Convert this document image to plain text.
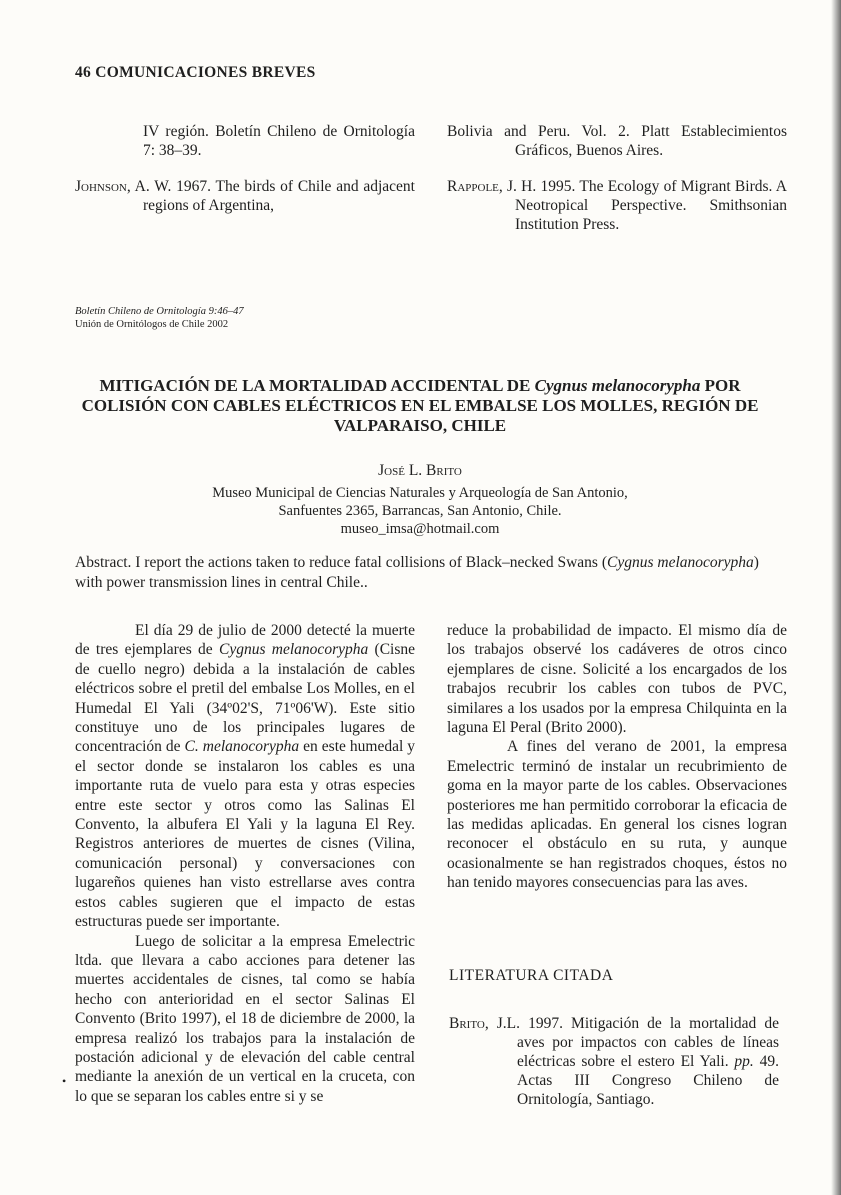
46 COMUNICACIONES BREVES
IV región. Boletín Chileno de Ornitología 7: 38–39.
Johnson, A. W. 1967. The birds of Chile and adjacent regions of Argentina,
Bolivia and Peru. Vol. 2. Platt Establecimientos Gráficos, Buenos Aires.
Rappole, J. H. 1995. The Ecology of Migrant Birds. A Neotropical Perspective. Smithsonian Institution Press.
Boletín Chileno de Ornitología 9:46–47
Unión de Ornitólogos de Chile 2002
MITIGACIÓN DE LA MORTALIDAD ACCIDENTAL DE Cygnus melanocorypha POR COLISIÓN CON CABLES ELÉCTRICOS EN EL EMBALSE LOS MOLLES, REGIÓN DE VALPARAISO, CHILE
José L. Brito
Museo Municipal de Ciencias Naturales y Arqueología de San Antonio,
Sanfuentes 2365, Barrancas, San Antonio, Chile.
museo_imsa@hotmail.com
Abstract. I report the actions taken to reduce fatal collisions of Black–necked Swans (Cygnus melanocorypha) with power transmission lines in central Chile..

El día 29 de julio de 2000 detecté la muerte de tres ejemplares de Cygnus melanocorypha (Cisne de cuello negro) debida a la instalación de cables eléctricos sobre el pretil del embalse Los Molles, en el Humedal El Yali (34º02'S, 71º06'W). Este sitio constituye uno de los principales lugares de concentración de C. melanocorypha en este humedal y el sector donde se instalaron los cables es una importante ruta de vuelo para esta y otras especies entre este sector y otros como las Salinas El Convento, la albufera El Yali y la laguna El Rey. Registros anteriores de muertes de cisnes (Vilina, comunicación personal) y conversaciones con lugareños quienes han visto estrellarse aves contra estos cables sugieren que el impacto de estas estructuras puede ser importante.

Luego de solicitar a la empresa Emelectric ltda. que llevara a cabo acciones para detener las muertes accidentales de cisnes, tal como se había hecho con anterioridad en el sector Salinas El Convento (Brito 1997), el 18 de diciembre de 2000, la empresa realizó los trabajos para la instalación de postación adicional y de elevación del cable central mediante la anexión de un vertical en la cruceta, con lo que se separan los cables entre si y se

reduce la probabilidad de impacto. El mismo día de los trabajos observé los cadáveres de otros cinco ejemplares de cisne. Solicité a los encargados de los trabajos recubrir los cables con tubos de PVC, similares a los usados por la empresa Chilquinta en la laguna El Peral (Brito 2000).

A fines del verano de 2001, la empresa Emelectric terminó de instalar un recubrimiento de goma en la mayor parte de los cables. Observaciones posteriores me han permitido corroborar la eficacia de las medidas aplicadas. En general los cisnes logran reconocer el obstáculo en su ruta, y aunque ocasionalmente se han registrados choques, éstos no han tenido mayores consecuencias para las aves.

LITERATURA CITADA
Brito, J.L. 1997. Mitigación de la mortalidad de aves por impactos con cables de líneas eléctricas sobre el estero El Yali. pp. 49. Actas III Congreso Chileno de Ornitología, Santiago.
•
